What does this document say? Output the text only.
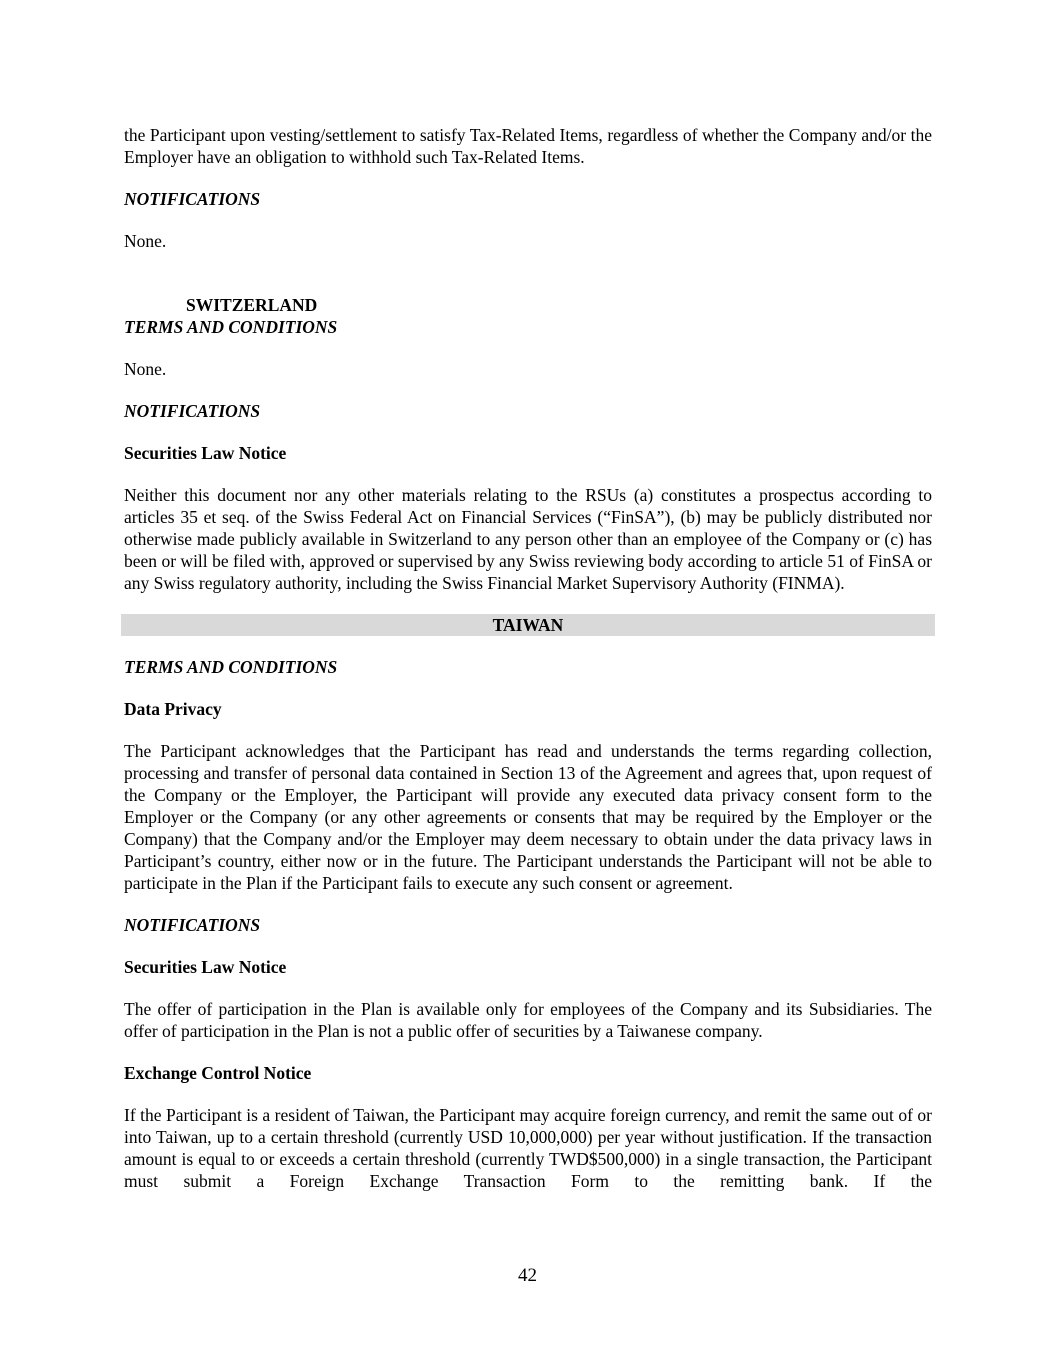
the Participant upon vesting/settlement to satisfy Tax-Related Items, regardless of whether the Company and/or the Employer have an obligation to withhold such Tax-Related Items.

NOTIFICATIONS

None.

SWITZERLAND
TERMS AND CONDITIONS

None.

NOTIFICATIONS
Securities Law Notice

Neither this document nor any other materials relating to the RSUs (a) constitutes a prospectus according to articles 35 et seq. of the Swiss Federal Act on Financial Services (“FinSA”), (b) may be publicly distributed nor otherwise made publicly available in Switzerland to any person other than an employee of the Company or (c) has been or will be filed with, approved or supervised by any Swiss reviewing body according to article 51 of FinSA or any Swiss regulatory authority, including the Swiss Financial Market Supervisory Authority (FINMA).

TAIWAN
TERMS AND CONDITIONS
Data Privacy

The Participant acknowledges that the Participant has read and understands the terms regarding collection, processing and transfer of personal data contained in Section 13 of the Agreement and agrees that, upon request of the Company or the Employer, the Participant will provide any executed data privacy consent form to the Employer or the Company (or any other agreements or consents that may be required by the Employer or the Company) that the Company and/or the Employer may deem necessary to obtain under the data privacy laws in Participant’s country, either now or in the future. The Participant understands the Participant will not be able to participate in the Plan if the Participant fails to execute any such consent or agreement.

NOTIFICATIONS
Securities Law Notice

The offer of participation in the Plan is available only for employees of the Company and its Subsidiaries. The offer of participation in the Plan is not a public offer of securities by a Taiwanese company.

Exchange Control Notice

If the Participant is a resident of Taiwan, the Participant may acquire foreign currency, and remit the same out of or into Taiwan, up to a certain threshold (currently USD 10,000,000) per year without justification. If the transaction amount is equal to or exceeds a certain threshold (currently TWD$500,000) in a single transaction, the Participant must submit a Foreign Exchange Transaction Form to the remitting bank. If the

42
